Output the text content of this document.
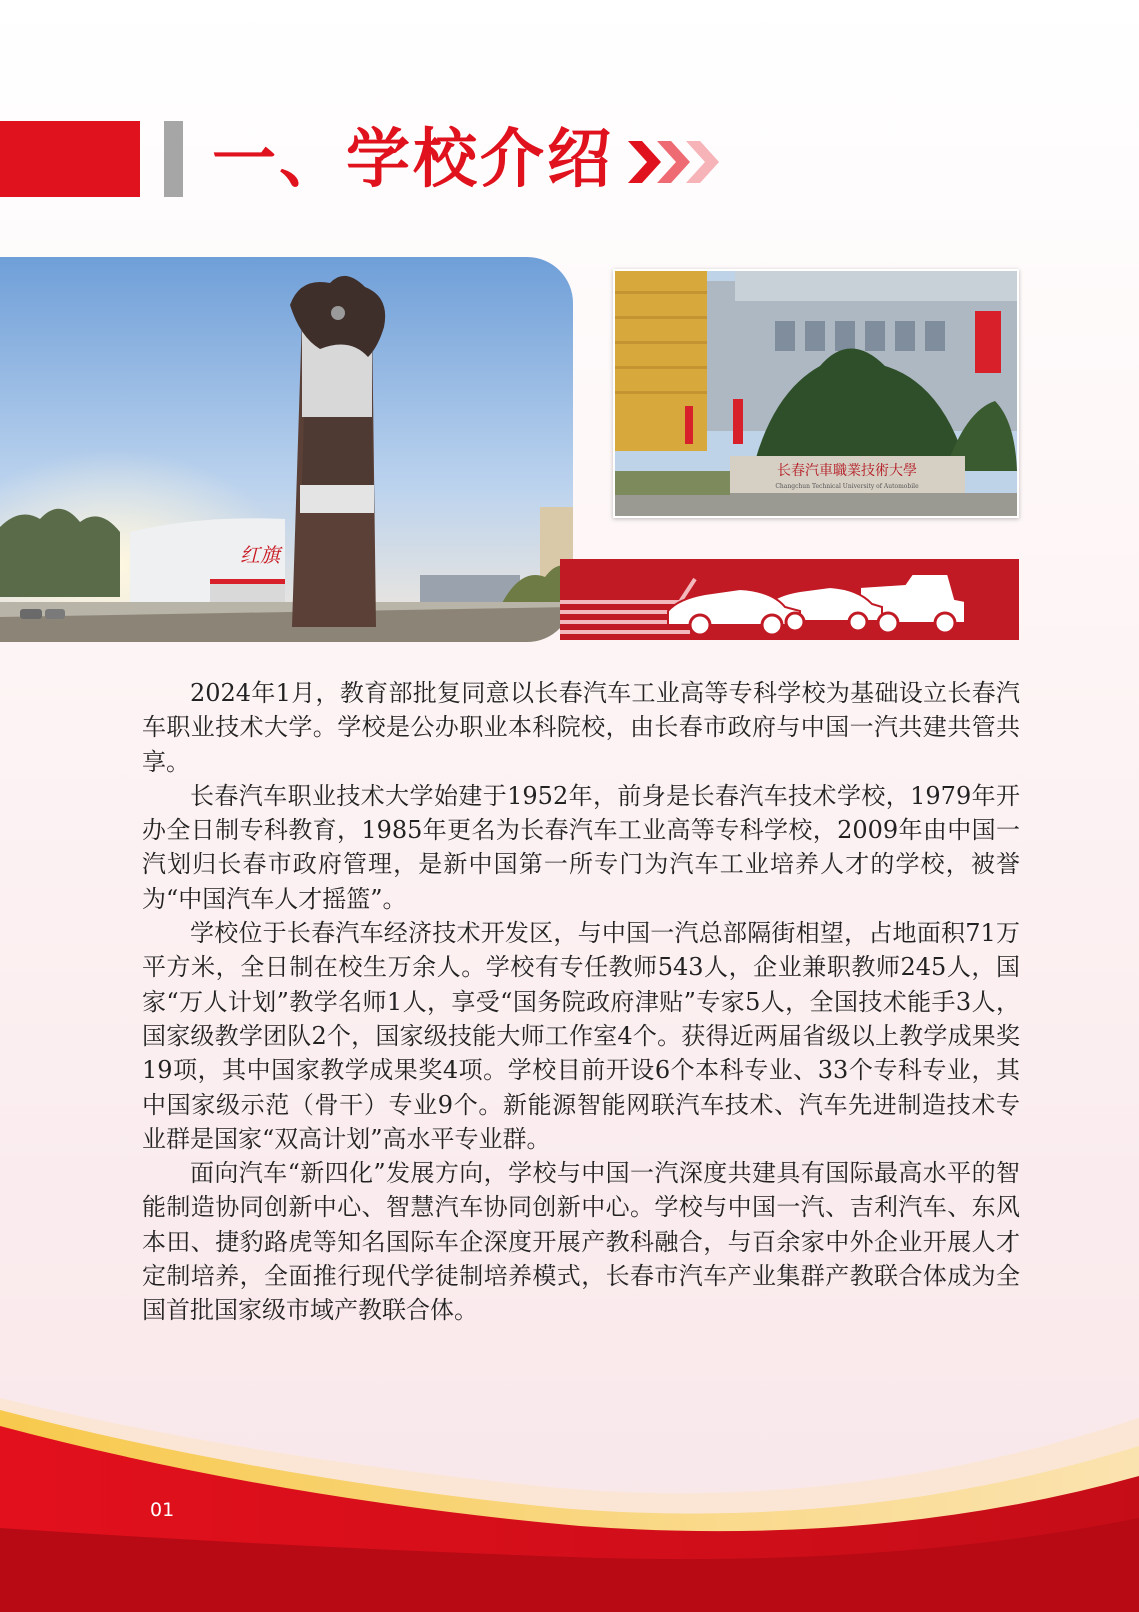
一、学校介绍
红旗
长春汽車職業技術大學
Changchun Technical University of Automobile

2024年1月，教育部批复同意以长春汽车工业高等专科学校为基础设立长春汽车职业技术大学。学校是公办职业本科院校，由长春市政府与中国一汽共建共管共享。

长春汽车职业技术大学始建于1952年，前身是长春汽车技术学校，1979年开办全日制专科教育，1985年更名为长春汽车工业高等专科学校，2009年由中国一汽划归长春市政府管理，是新中国第一所专门为汽车工业培养人才的学校，被誉为“中国汽车人才摇篮”。

学校位于长春汽车经济技术开发区，与中国一汽总部隔街相望，占地面积71万平方米，全日制在校生万余人。学校有专任教师543人，企业兼职教师245人，国家“万人计划”教学名师1人，享受“国务院政府津贴”专家5人，全国技术能手3人，国家级教学团队2个，国家级技能大师工作室4个。获得近两届省级以上教学成果奖19项，其中国家教学成果奖4项。学校目前开设6个本科专业、33个专科专业，其中国家级示范（骨干）专业9个。新能源智能网联汽车技术、汽车先进制造技术专业群是国家“双高计划”高水平专业群。

面向汽车“新四化”发展方向，学校与中国一汽深度共建具有国际最高水平的智能制造协同创新中心、智慧汽车协同创新中心。学校与中国一汽、吉利汽车、东风本田、捷豹路虎等知名国际车企深度开展产教科融合，与百余家中外企业开展人才定制培养，全面推行现代学徒制培养模式，长春市汽车产业集群产教联合体成为全国首批国家级市域产教联合体。

01
